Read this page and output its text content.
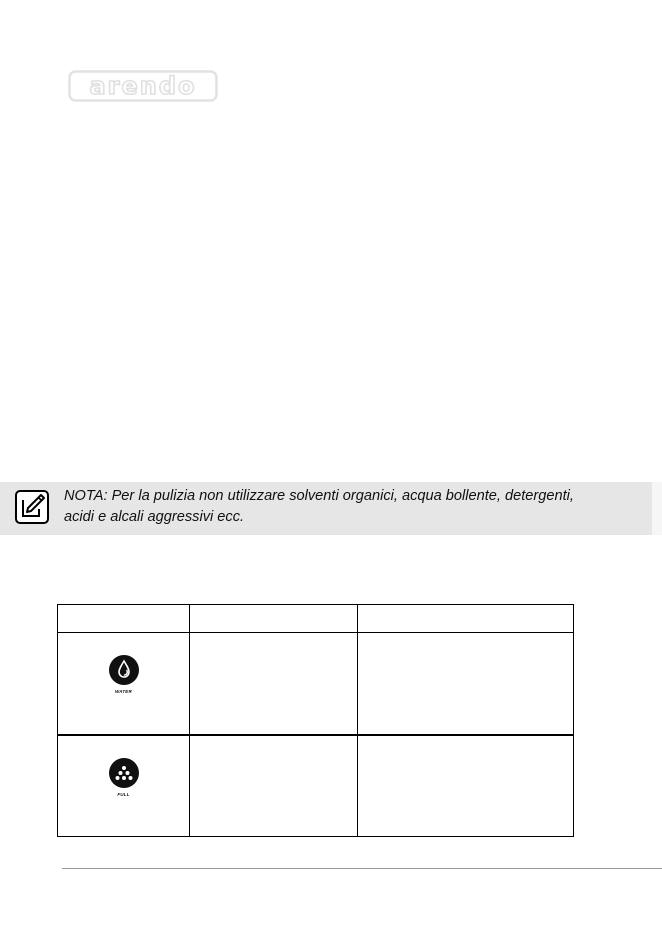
arendo
NOTA: Per la pulizia non utilizzare solventi organici, acqua bollente, detergenti,
acidi e alcali aggressivi ecc.

WATER		

FULL		
